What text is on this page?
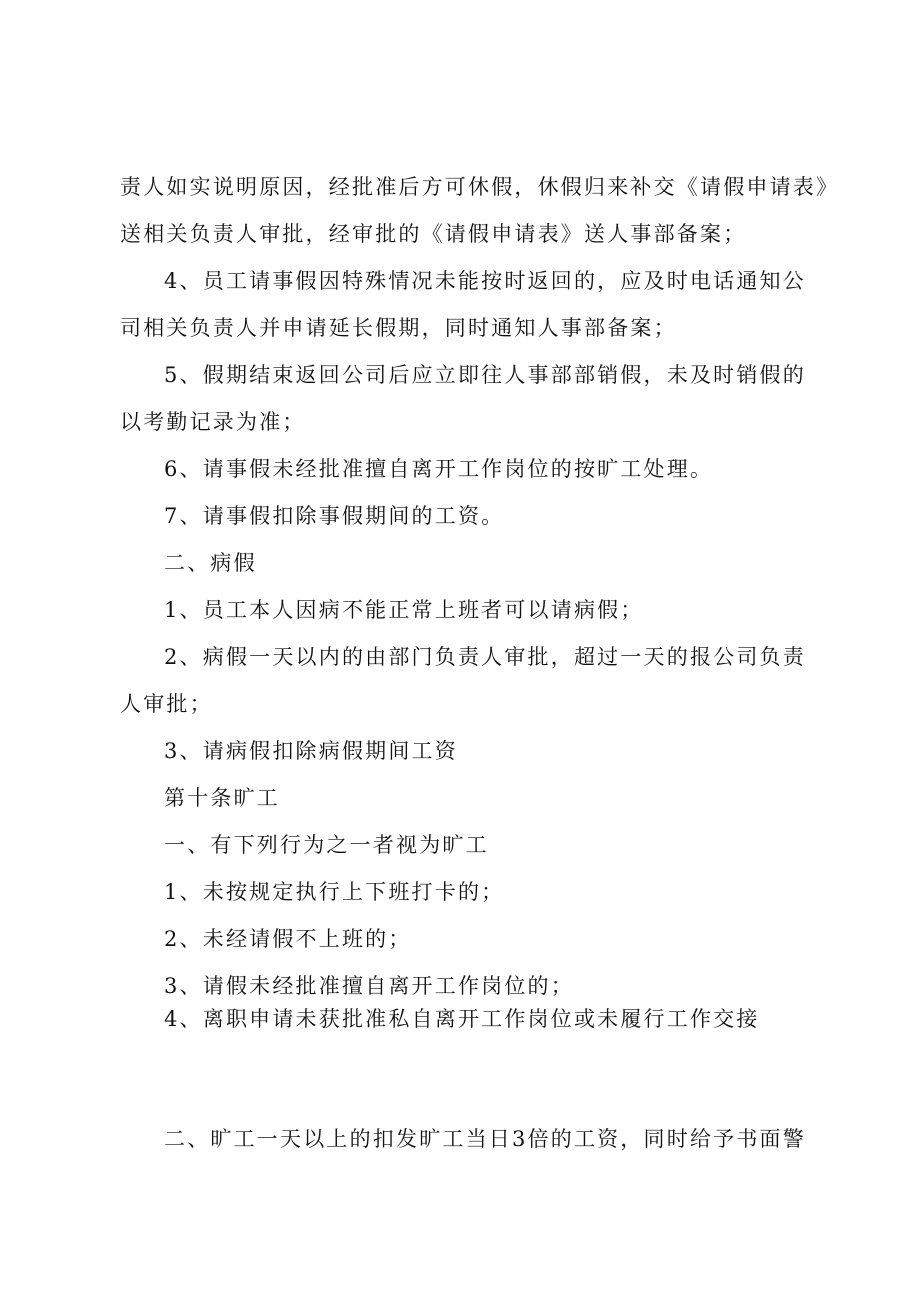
责人如实说明原因，经批准后方可休假，休假归来补交《请假申请表》
送相关负责人审批，经审批的《请假申请表》送人事部备案；
4、员工请事假因特殊情况未能按时返回的，应及时电话通知公
司相关负责人并申请延长假期，同时通知人事部备案；
5、假期结束返回公司后应立即往人事部部销假，未及时销假的
以考勤记录为准；
6、请事假未经批准擅自离开工作岗位的按旷工处理。
7、请事假扣除事假期间的工资。
二、病假
1、员工本人因病不能正常上班者可以请病假；
2、病假一天以内的由部门负责人审批，超过一天的报公司负责
人审批；
3、请病假扣除病假期间工资
第十条旷工
一、有下列行为之一者视为旷工
1、未按规定执行上下班打卡的；
2、未经请假不上班的；
3、请假未经批准擅自离开工作岗位的；
4、离职申请未获批准私自离开工作岗位或未履行工作交接
二、旷工一天以上的扣发旷工当日3倍的工资，同时给予书面警
